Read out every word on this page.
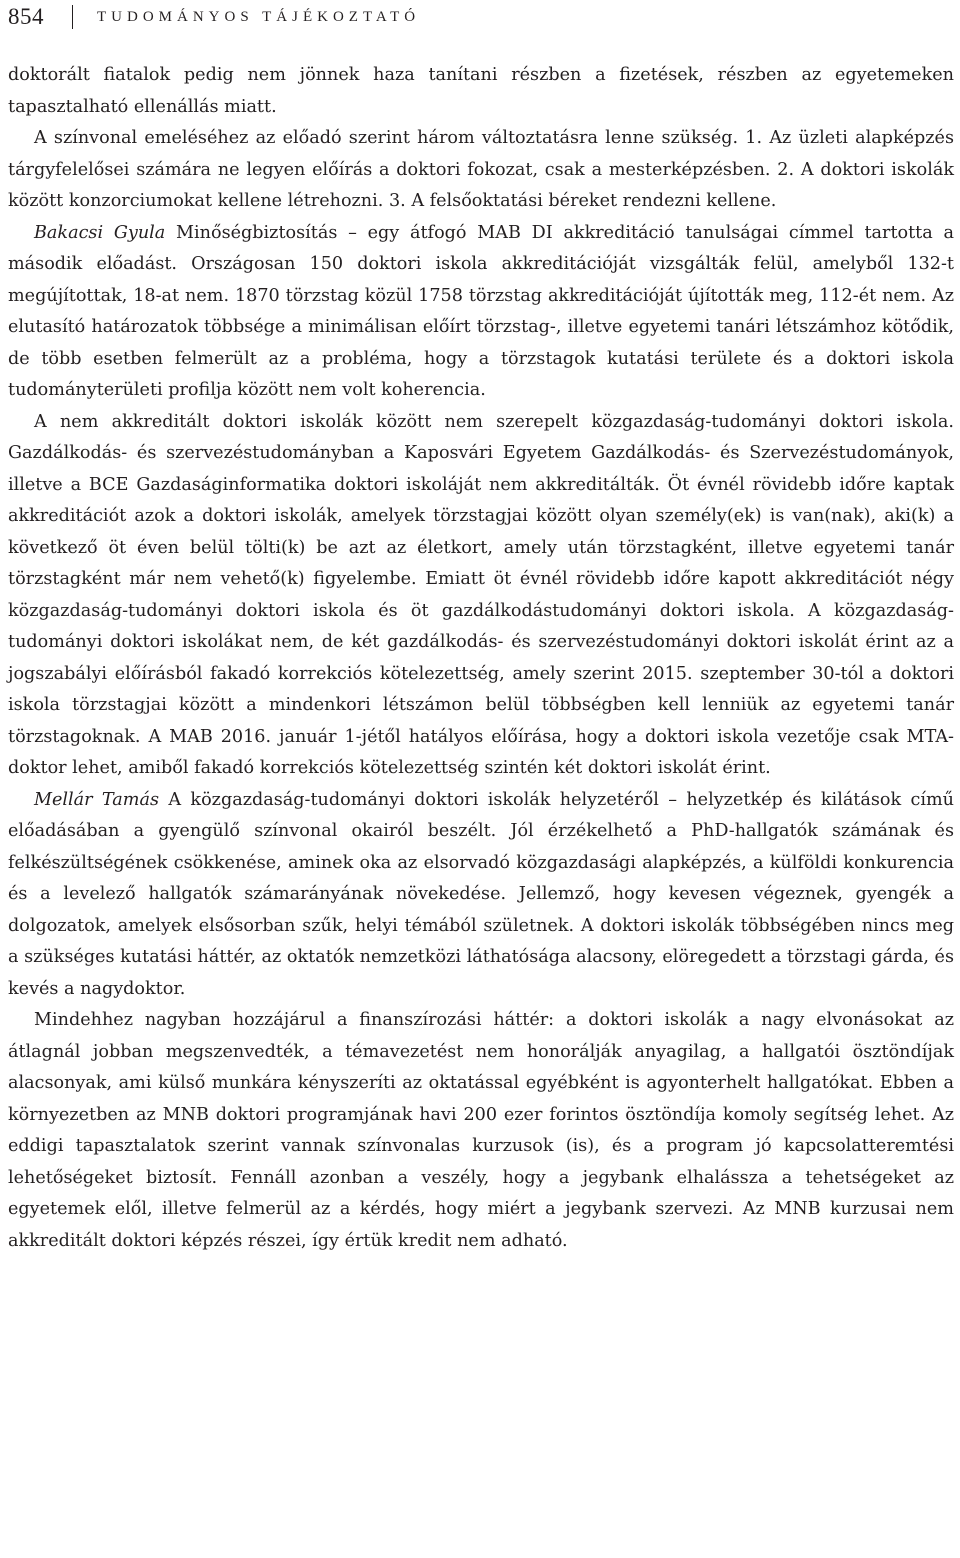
854	TUDOMÁNYOS TÁJÉKOZTATÓ

doktorált fiatalok pedig nem jönnek haza tanítani részben a fizetések, részben az egyetemeken tapasztalható ellenállás miatt.

A színvonal emeléséhez az előadó szerint három változtatásra lenne szükség. 1. Az üzleti alapképzés tárgyfelelősei számára ne legyen előírás a doktori fokozat, csak a mesterképzésben. 2. A doktori iskolák között konzorciumokat kellene létrehozni. 3. A felsőoktatási béreket rendezni kellene.

Bakacsi Gyula Minőségbiztosítás – egy átfogó MAB DI akkreditáció tanulságai címmel tartotta a második előadást. Országosan 150 doktori iskola akkreditációját vizsgálták felül, amelyből 132-t megújítottak, 18-at nem. 1870 törzstag közül 1758 törzstag akkreditációját újították meg, 112-ét nem. Az elutasító határozatok többsége a minimálisan előírt törzstag-, illetve egyetemi tanári létszámhoz kötődik, de több esetben felmerült az a probléma, hogy a törzstagok kutatási területe és a doktori iskola tudományterületi profilja között nem volt koherencia.

A nem akkreditált doktori iskolák között nem szerepelt közgazdaság-tudományi doktori iskola. Gazdálkodás- és szervezéstudományban a Kaposvári Egyetem Gazdálkodás- és Szervezéstudományok, illetve a BCE Gazdaságinformatika doktori iskoláját nem akkreditálták. Öt évnél rövidebb időre kaptak akkreditációt azok a doktori iskolák, amelyek törzstagjai között olyan személy(ek) is van(nak), aki(k) a következő öt éven belül tölti(k) be azt az életkort, amely után törzstagként, illetve egyetemi tanár törzstagként már nem vehető(k) figyelembe. Emiatt öt évnél rövidebb időre kapott akkreditációt négy közgazdaság-tudományi doktori iskola és öt gazdálkodástudományi doktori iskola. A közgazdaság-tudományi doktori iskolákat nem, de két gazdálkodás- és szervezéstudományi doktori iskolát érint az a jogszabályi előírásból fakadó korrekciós kötelezettség, amely szerint 2015. szeptember 30-tól a doktori iskola törzstagjai között a mindenkori létszámon belül többségben kell lenniük az egyetemi tanár törzstagoknak. A MAB 2016. január 1-jétől hatályos előírása, hogy a doktori iskola vezetője csak MTA-doktor lehet, amiből fakadó korrekciós kötelezettség szintén két doktori iskolát érint.

Mellár Tamás A közgazdaság-tudományi doktori iskolák helyzetéről – helyzetkép és kilátások című előadásában a gyengülő színvonal okairól beszélt. Jól érzékelhető a PhD-hallgatók számának és felkészültségének csökkenése, aminek oka az elsorvadó közgazdasági alapképzés, a külföldi konkurencia és a levelező hallgatók számarányának növekedése. Jellemző, hogy kevesen végeznek, gyengék a dolgozatok, amelyek elsősorban szűk, helyi témából születnek. A doktori iskolák többségében nincs meg a szükséges kutatási háttér, az oktatók nemzetközi láthatósága alacsony, elöregedett a törzstagi gárda, és kevés a nagydoktor.

Mindehhez nagyban hozzájárul a finanszírozási háttér: a doktori iskolák a nagy elvonásokat az átlagnál jobban megszenvedték, a témavezetést nem honorálják anyagilag, a hallgatói ösztöndíjak alacsonyak, ami külső munkára kényszeríti az oktatással egyébként is agyonterhelt hallgatókat. Ebben a környezetben az MNB doktori programjának havi 200 ezer forintos ösztöndíja komoly segítség lehet. Az eddigi tapasztalatok szerint vannak színvonalas kurzusok (is), és a program jó kapcsolatteremtési lehetőségeket biztosít. Fennáll azonban a veszély, hogy a jegybank elhalássza a tehetségeket az egyetemek elől, illetve felmerül az a kérdés, hogy miért a jegybank szervezi. Az MNB kurzusai nem akkreditált doktori képzés részei, így értük kredit nem adható.
